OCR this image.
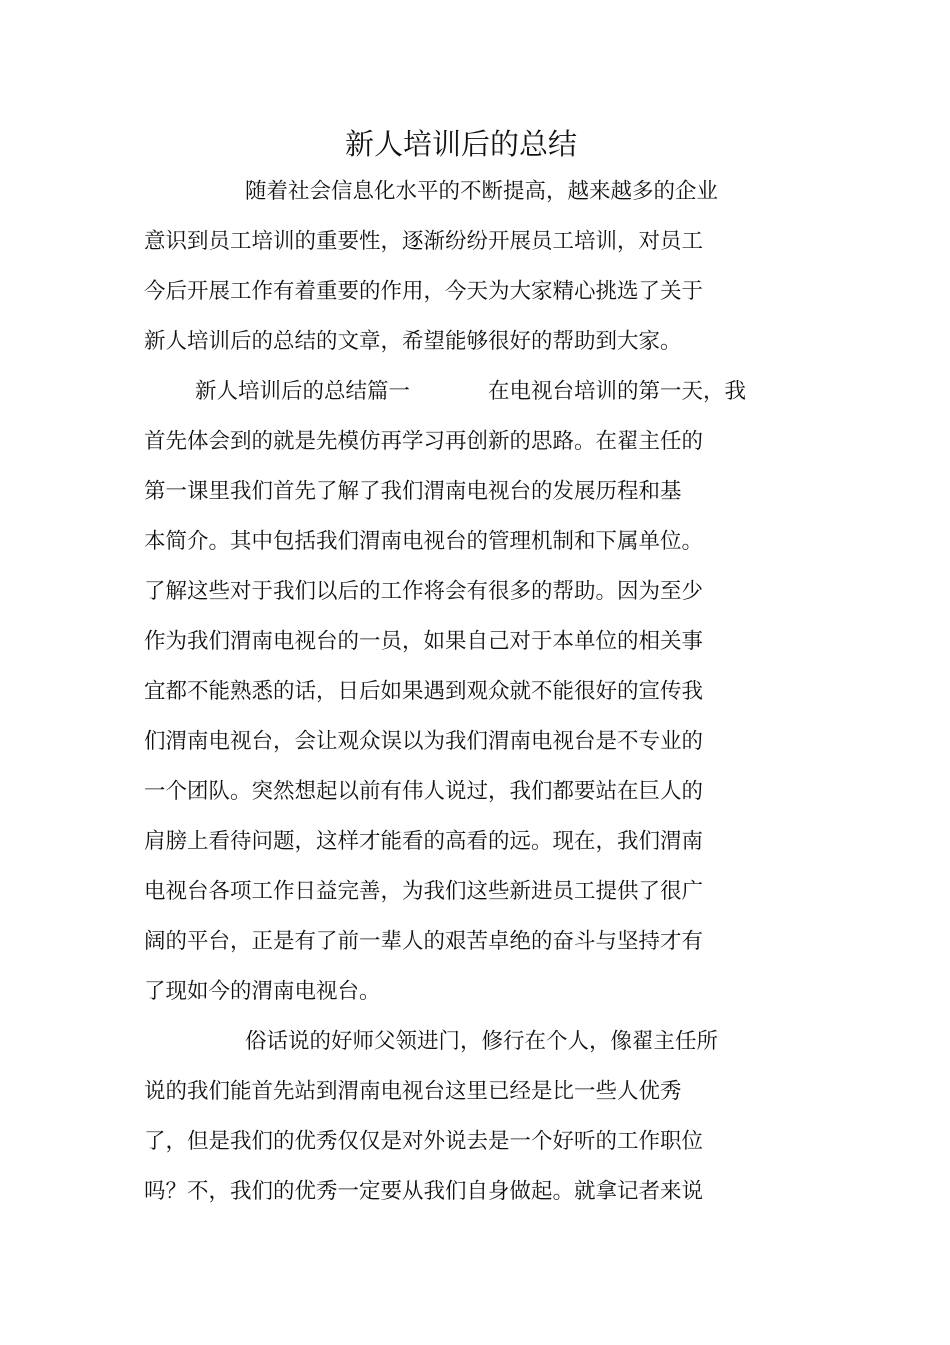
新人培训后的总结
随着社会信息化水平的不断提高，越来越多的企业
意识到员工培训的重要性，逐渐纷纷开展员工培训，对员工
今后开展工作有着重要的作用，今天为大家精心挑选了关于
新人培训后的总结的文章，希望能够很好的帮助到大家。
新人培训后的总结篇一	在电视台培训的第一天，我
首先体会到的就是先模仿再学习再创新的思路。在翟主任的
第一课里我们首先了解了我们渭南电视台的发展历程和基
本简介。其中包括我们渭南电视台的管理机制和下属单位。
了解这些对于我们以后的工作将会有很多的帮助。因为至少
作为我们渭南电视台的一员，如果自己对于本单位的相关事
宜都不能熟悉的话，日后如果遇到观众就不能很好的宣传我
们渭南电视台，会让观众误以为我们渭南电视台是不专业的
一个团队。突然想起以前有伟人说过，我们都要站在巨人的
肩膀上看待问题，这样才能看的高看的远。现在，我们渭南
电视台各项工作日益完善，为我们这些新进员工提供了很广
阔的平台，正是有了前一辈人的艰苦卓绝的奋斗与坚持才有
了现如今的渭南电视台。
俗话说的好师父领进门，修行在个人，像翟主任所
说的我们能首先站到渭南电视台这里已经是比一些人优秀
了，但是我们的优秀仅仅是对外说去是一个好听的工作职位
吗？不，我们的优秀一定要从我们自身做起。就拿记者来说
